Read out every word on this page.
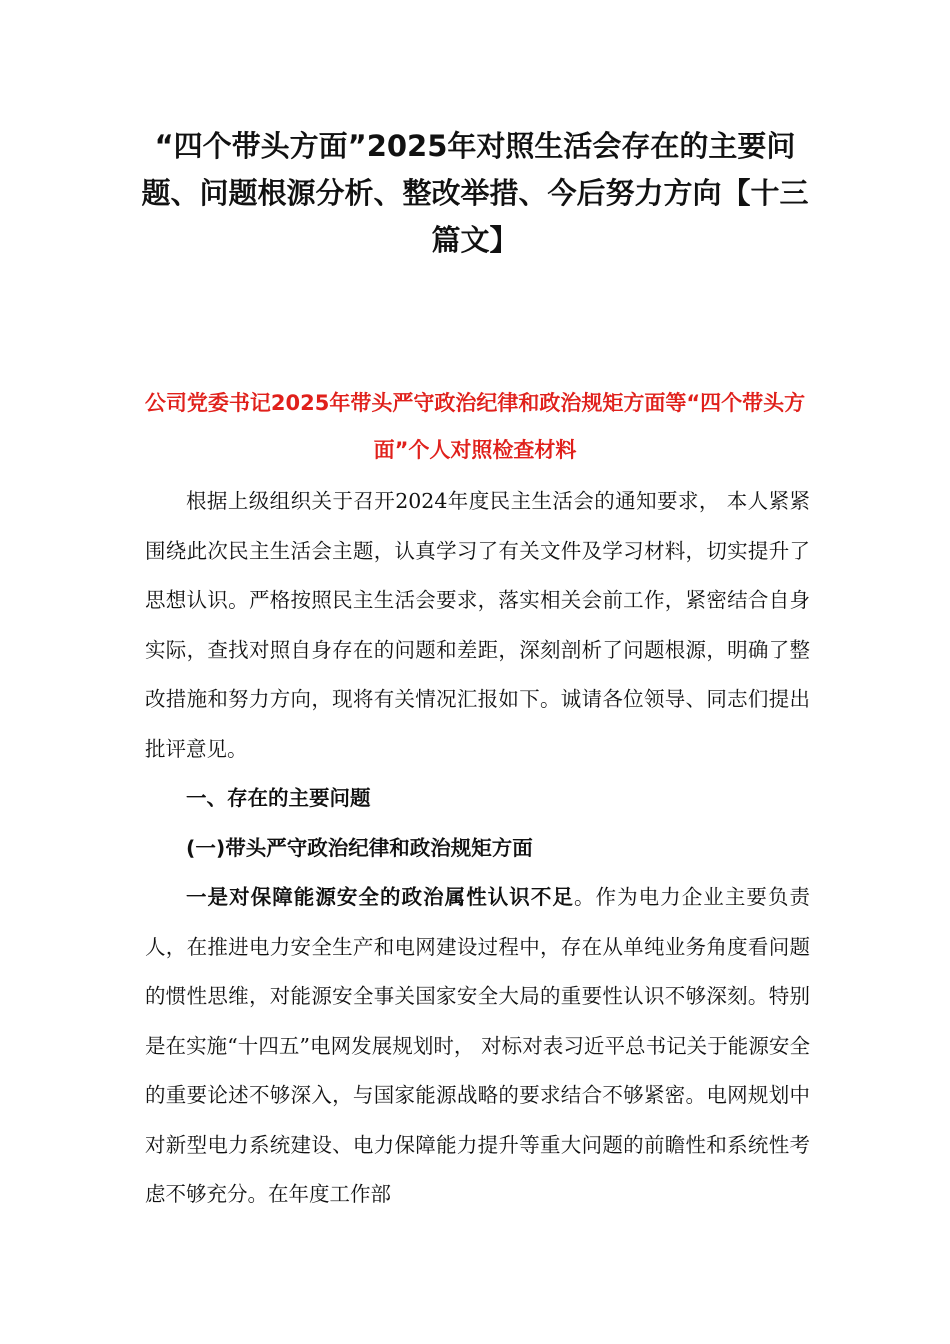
“四个带头方面”2025年对照生活会存在的主要问题、问题根源分析、整改举措、今后努力方向【十三篇文】
公司党委书记2025年带头严守政治纪律和政治规矩方面等“四个带头方面”个人对照检查材料

根据上级组织关于召开2024年度民主生活会的通知要求， 本人紧紧围绕此次民主生活会主题，认真学习了有关文件及学习材料，切实提升了思想认识。严格按照民主生活会要求，落实相关会前工作，紧密结合自身实际，查找对照自身存在的问题和差距，深刻剖析了问题根源，明确了整改措施和努力方向，现将有关情况汇报如下。诚请各位领导、同志们提出批评意见。

一、存在的主要问题

(一)带头严守政治纪律和政治规矩方面

一是对保障能源安全的政治属性认识不足。作为电力企业主要负责人，在推进电力安全生产和电网建设过程中，存在从单纯业务角度看问题的惯性思维，对能源安全事关国家安全大局的重要性认识不够深刻。特别是在实施“十四五”电网发展规划时， 对标对表习近平总书记关于能源安全的重要论述不够深入，与国家能源战略的要求结合不够紧密。电网规划中对新型电力系统建设、电力保障能力提升等重大问题的前瞻性和系统性考虑不够充分。在年度工作部
